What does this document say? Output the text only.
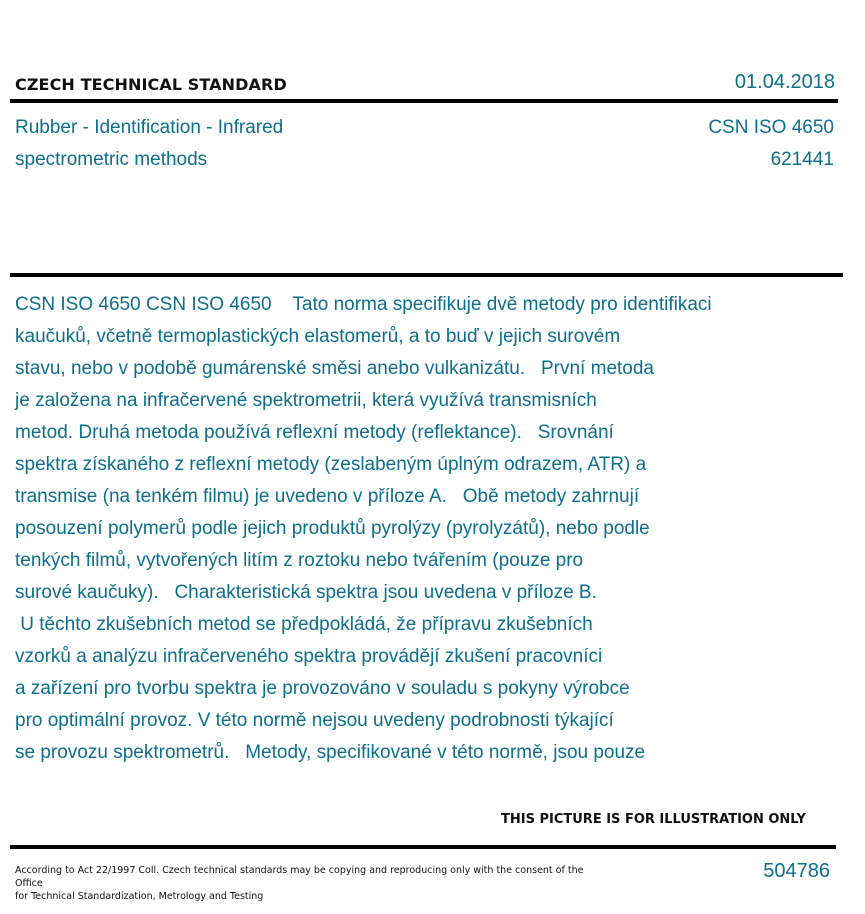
CZECH TECHNICAL STANDARD	01.04.2018
Rubber - Identification - Infrared
spectrometric methods
CSN ISO 4650
621441
CSN ISO 4650 CSN ISO 4650    Tato norma specifikuje dvě metody pro identifikaci
kaučuků, včetně termoplastických elastomerů, a to buď v jejich surovém
stavu, nebo v podobě gumárenské směsi anebo vulkanizátu.   První metoda
je založena na infračervené spektrometrii, která využívá transmisních
metod. Druhá metoda používá reflexní metody (reflektance).   Srovnání
spektra získaného z reflexní metody (zeslabeným úplným odrazem, ATR) a
transmise (na tenkém filmu) je uvedeno v příloze A.   Obě metody zahrnují
posouzení polymerů podle jejich produktů pyrolýzy (pyrolyzátů), nebo podle
tenkých filmů, vytvořených litím z roztoku nebo tvářením (pouze pro
surové kaučuky).   Charakteristická spektra jsou uvedena v příloze B.
U těchto zkušebních metod se předpokládá, že přípravu zkušebních
vzorků a analýzu infračerveného spektra provádějí zkušení pracovníci
a zařízení pro tvorbu spektra je provozováno v souladu s pokyny výrobce
pro optimální provoz. V této normě nejsou uvedeny podrobnosti týkající
se provozu spektrometrů.   Metody, specifikované v této normě, jsou pouze
THIS PICTURE IS FOR ILLUSTRATION ONLY
According to Act 22/1997 Coll. Czech technical standards may be copying and reproducing only with the consent of the Office
for Technical Standardization, Metrology and Testing
504786
